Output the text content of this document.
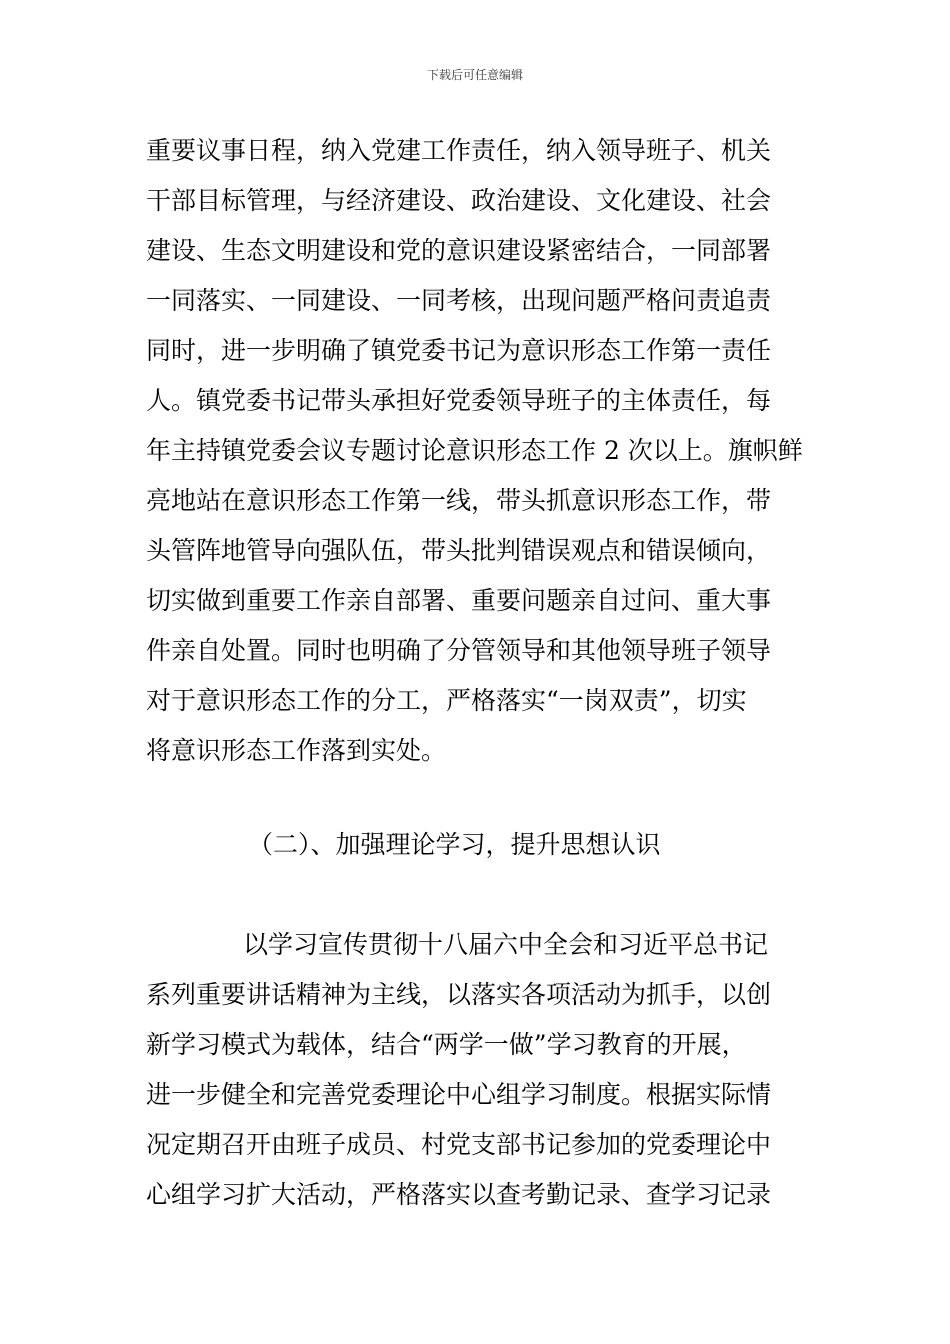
下载后可任意编辑
重要议事日程，纳入党建工作责任，纳入领导班子、机关
干部目标管理，与经济建设、政治建设、文化建设、社会
建设、生态文明建设和党的意识建设紧密结合，一同部署
一同落实、一同建设、一同考核，出现问题严格问责追责
同时，进一步明确了镇党委书记为意识形态工作第一责任
人。镇党委书记带头承担好党委领导班子的主体责任，每
年主持镇党委会议专题讨论意识形态工作 2 次以上。旗帜鲜
亮地站在意识形态工作第一线，带头抓意识形态工作，带
头管阵地管导向强队伍，带头批判错误观点和错误倾向，
切实做到重要工作亲自部署、重要问题亲自过问、重大事
件亲自处置。同时也明确了分管领导和其他领导班子领导
对于意识形态工作的分工，严格落实“一岗双责”，切实
将意识形态工作落到实处。
（二）、加强理论学习，提升思想认识
以学习宣传贯彻十八届六中全会和习近平总书记
系列重要讲话精神为主线，以落实各项活动为抓手，以创
新学习模式为载体，结合“两学一做”学习教育的开展，
进一步健全和完善党委理论中心组学习制度。根据实际情
况定期召开由班子成员、村党支部书记参加的党委理论中
心组学习扩大活动，严格落实以查考勤记录、查学习记录
